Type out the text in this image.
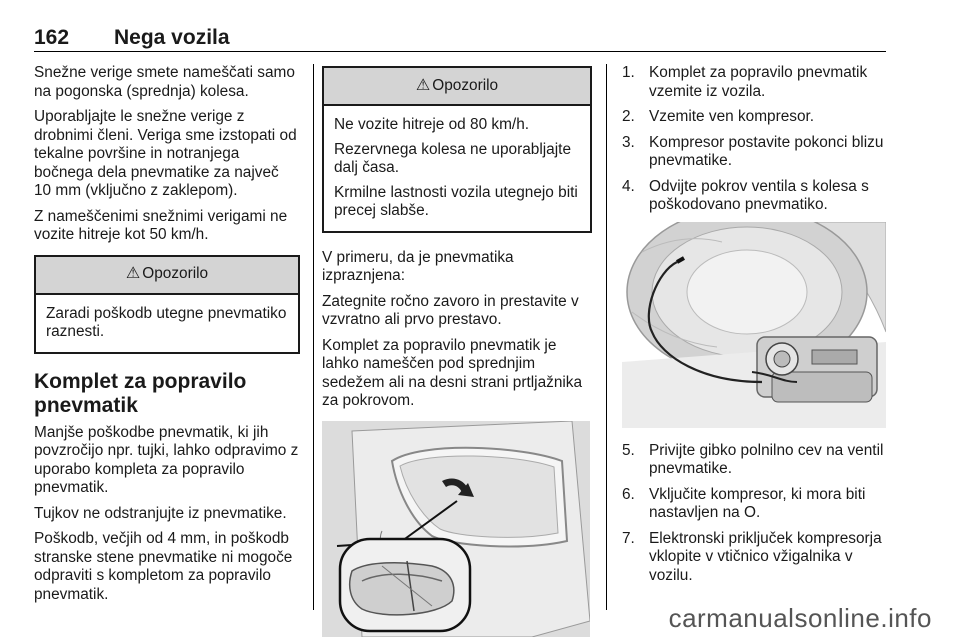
162 Nega vozila

Snežne verige smete nameščati samo na pogonska (sprednja) kolesa.

Uporabljajte le snežne verige z drobnimi členi. Veriga sme izstopati od tekalne površine in notranjega bočnega dela pnevmatike za največ 10 mm (vključno z zaklepom).

Z nameščenimi snežnimi verigami ne vozite hitreje kot 50 km/h.

⚠ Opozorilo

Zaradi poškodb utegne pnevmatiko raznesti.

Komplet za popravilo pnevmatik

Manjše poškodbe pnevmatik, ki jih povzročijo npr. tujki, lahko odpravimo z uporabo kompleta za popravilo pnevmatik.

Tujkov ne odstranjujte iz pnevmatike.

Poškodb, večjih od 4 mm, in poškodb stranske stene pnevmatike ni mogoče odpraviti s kompletom za popravilo pnevmatik.

⚠ Opozorilo

Ne vozite hitreje od 80 km/h.

Rezervnega kolesa ne uporabljajte dalj časa.

Krmilne lastnosti vozila utegnejo biti precej slabše.

V primeru, da je pnevmatika izpraznjena:

Zategnite ročno zavoro in prestavite v vzvratno ali prvo prestavo.

Komplet za popravilo pnevmatik je lahko nameščen pod sprednjim sedežem ali na desni strani prtljažnika za pokrovom.

1. Komplet za popravilo pnevmatik vzemite iz vozila.
2. Vzemite ven kompresor.
3. Kompresor postavite pokonci blizu pnevmatike.
4. Odvijte pokrov ventila s kolesa s poškodovano pnevmatiko.
5. Privijte gibko polnilno cev na ventil pnevmatike.
6. Vključite kompresor, ki mora biti nastavljen na O.
7. Elektronski priključek kompresorja vklopite v vtičnico vžigalnika v vozilu.
carmanualsonline.info
